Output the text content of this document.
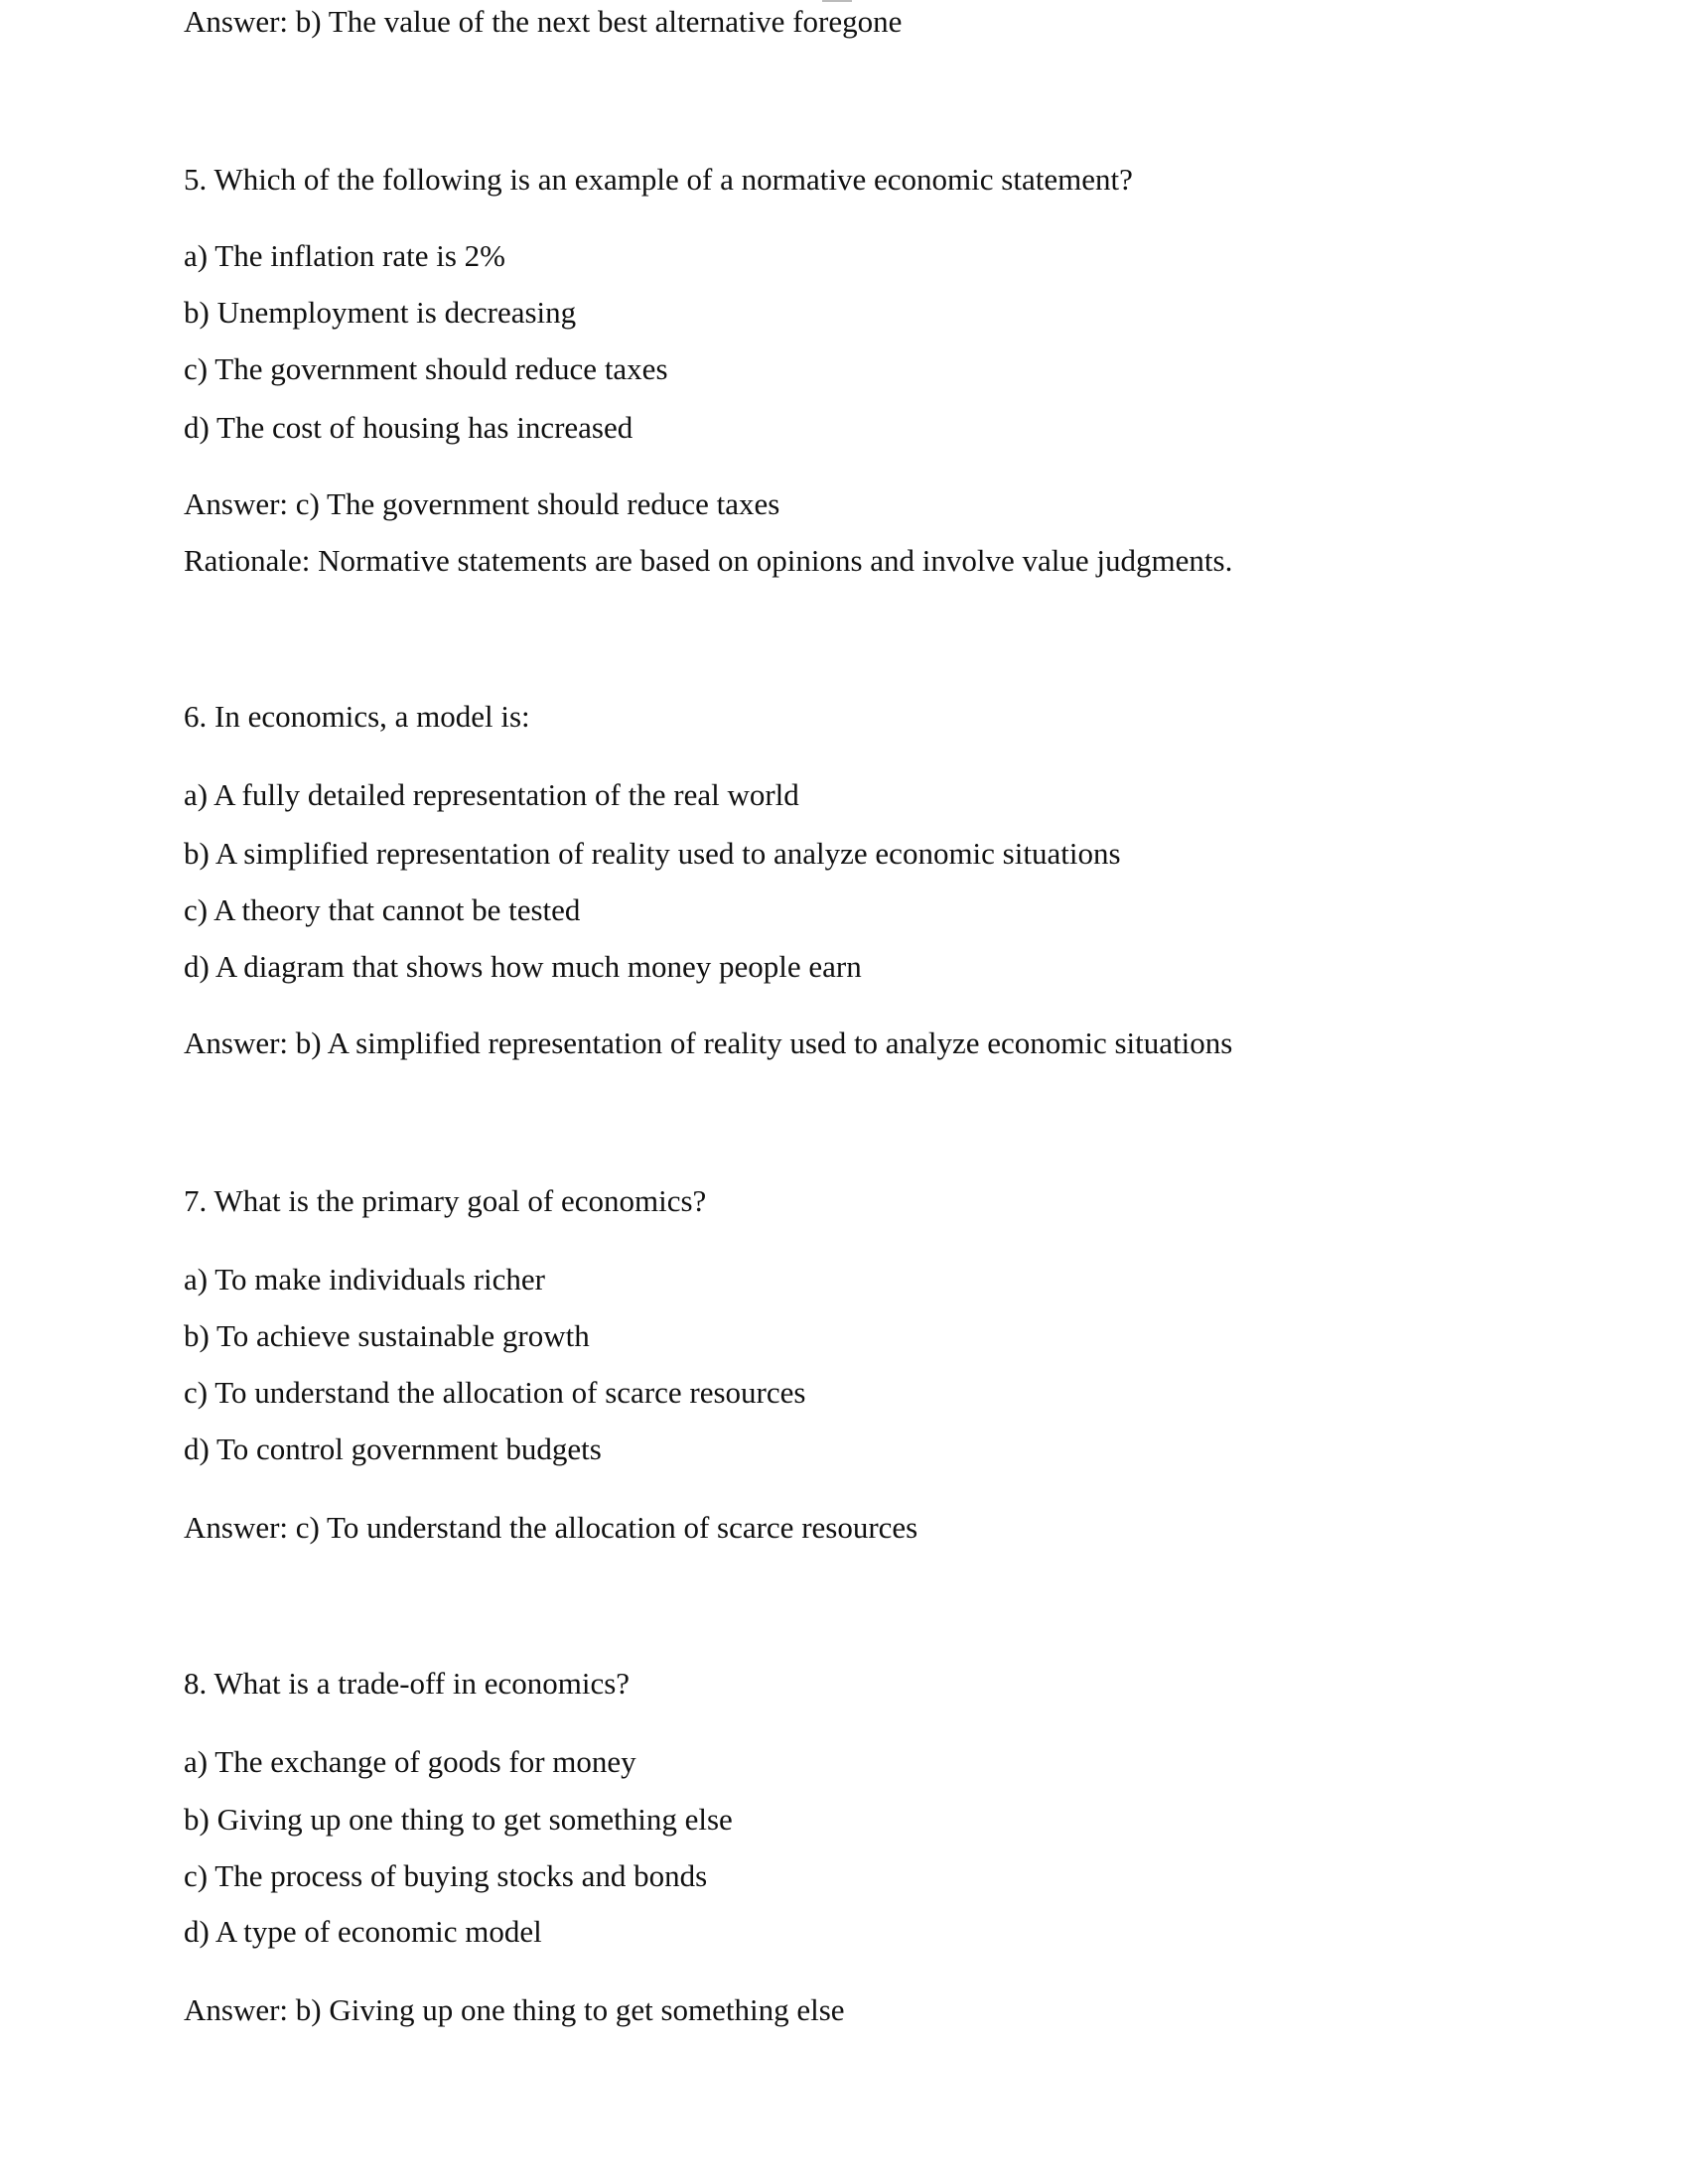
Answer: b) The value of the next best alternative foregone
5. Which of the following is an example of a normative economic statement?
a) The inflation rate is 2%
b) Unemployment is decreasing
c) The government should reduce taxes
d) The cost of housing has increased
Answer: c) The government should reduce taxes
Rationale: Normative statements are based on opinions and involve value judgments.
6. In economics, a model is:
a) A fully detailed representation of the real world
b) A simplified representation of reality used to analyze economic situations
c) A theory that cannot be tested
d) A diagram that shows how much money people earn
Answer: b) A simplified representation of reality used to analyze economic situations
7. What is the primary goal of economics?
a) To make individuals richer
b) To achieve sustainable growth
c) To understand the allocation of scarce resources
d) To control government budgets
Answer: c) To understand the allocation of scarce resources
8. What is a trade-off in economics?
a) The exchange of goods for money
b) Giving up one thing to get something else
c) The process of buying stocks and bonds
d) A type of economic model
Answer: b) Giving up one thing to get something else
